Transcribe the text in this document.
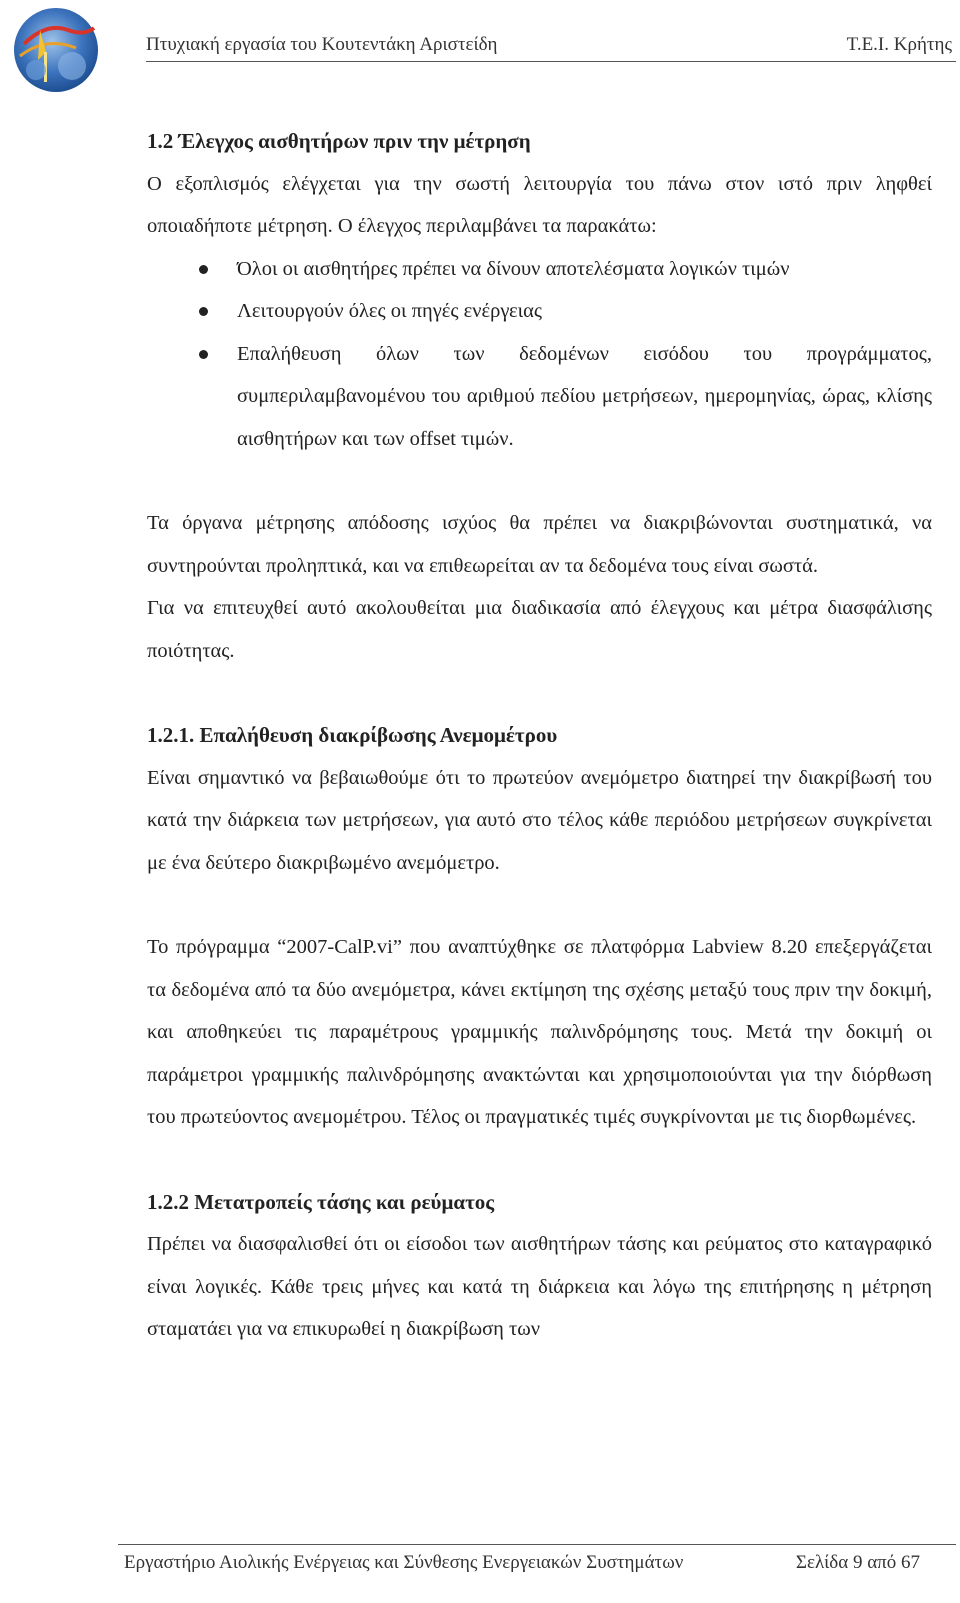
Πτυχιακή εργασία του Κουτεντάκη Αριστείδη	Τ.Ε.Ι. Κρήτης
1.2 Έλεγχος αισθητήρων πριν την μέτρηση

Ο εξοπλισμός ελέγχεται για την σωστή λειτουργία του πάνω στον ιστό πριν ληφθεί οποιαδήποτε μέτρηση. Ο έλεγχος περιλαμβάνει τα παρακάτω:

Όλοι οι αισθητήρες πρέπει να δίνουν αποτελέσματα λογικών τιμών
Λειτουργούν όλες οι πηγές ενέργειας
Επαλήθευση όλων των δεδομένων εισόδου του προγράμματος, συμπεριλαμβανομένου του αριθμού πεδίου μετρήσεων, ημερομηνίας, ώρας, κλίσης αισθητήρων και των offset τιμών.

Τα όργανα μέτρησης απόδοσης ισχύος θα πρέπει να διακριβώνονται συστηματικά, να συντηρούνται προληπτικά, και να επιθεωρείται αν τα δεδομένα τους είναι σωστά.

Για να επιτευχθεί αυτό ακολουθείται μια διαδικασία από έλεγχους και μέτρα διασφάλισης ποιότητας.

1.2.1. Επαλήθευση διακρίβωσης Ανεμομέτρου

Είναι σημαντικό να βεβαιωθούμε ότι το πρωτεύον ανεμόμετρο διατηρεί την διακρίβωσή του κατά την διάρκεια των μετρήσεων, για αυτό στο τέλος κάθε περιόδου μετρήσεων συγκρίνεται με ένα δεύτερο διακριβωμένο ανεμόμετρο.

Το πρόγραμμα “2007-CalP.vi” που αναπτύχθηκε σε πλατφόρμα Labview 8.20 επεξεργάζεται τα δεδομένα από τα δύο ανεμόμετρα, κάνει εκτίμηση της σχέσης μεταξύ τους πριν την δοκιμή, και αποθηκεύει τις παραμέτρους γραμμικής παλινδρόμησης τους. Μετά την δοκιμή οι παράμετροι γραμμικής παλινδρόμησης ανακτώνται και χρησιμοποιούνται για την διόρθωση του πρωτεύοντος ανεμομέτρου. Τέλος οι πραγματικές τιμές συγκρίνονται με τις διορθωμένες.

1.2.2 Μετατροπείς τάσης και ρεύματος

Πρέπει να διασφαλισθεί ότι οι είσοδοι των αισθητήρων τάσης και ρεύματος στο καταγραφικό είναι λογικές. Κάθε τρεις μήνες και κατά τη διάρκεια και λόγω της επιτήρησης η μέτρηση σταματάει για να επικυρωθεί η διακρίβωση των

Εργαστήριο Αιολικής Ενέργειας και Σύνθεσης Ενεργειακών Συστημάτων	Σελίδα 9 από 67
